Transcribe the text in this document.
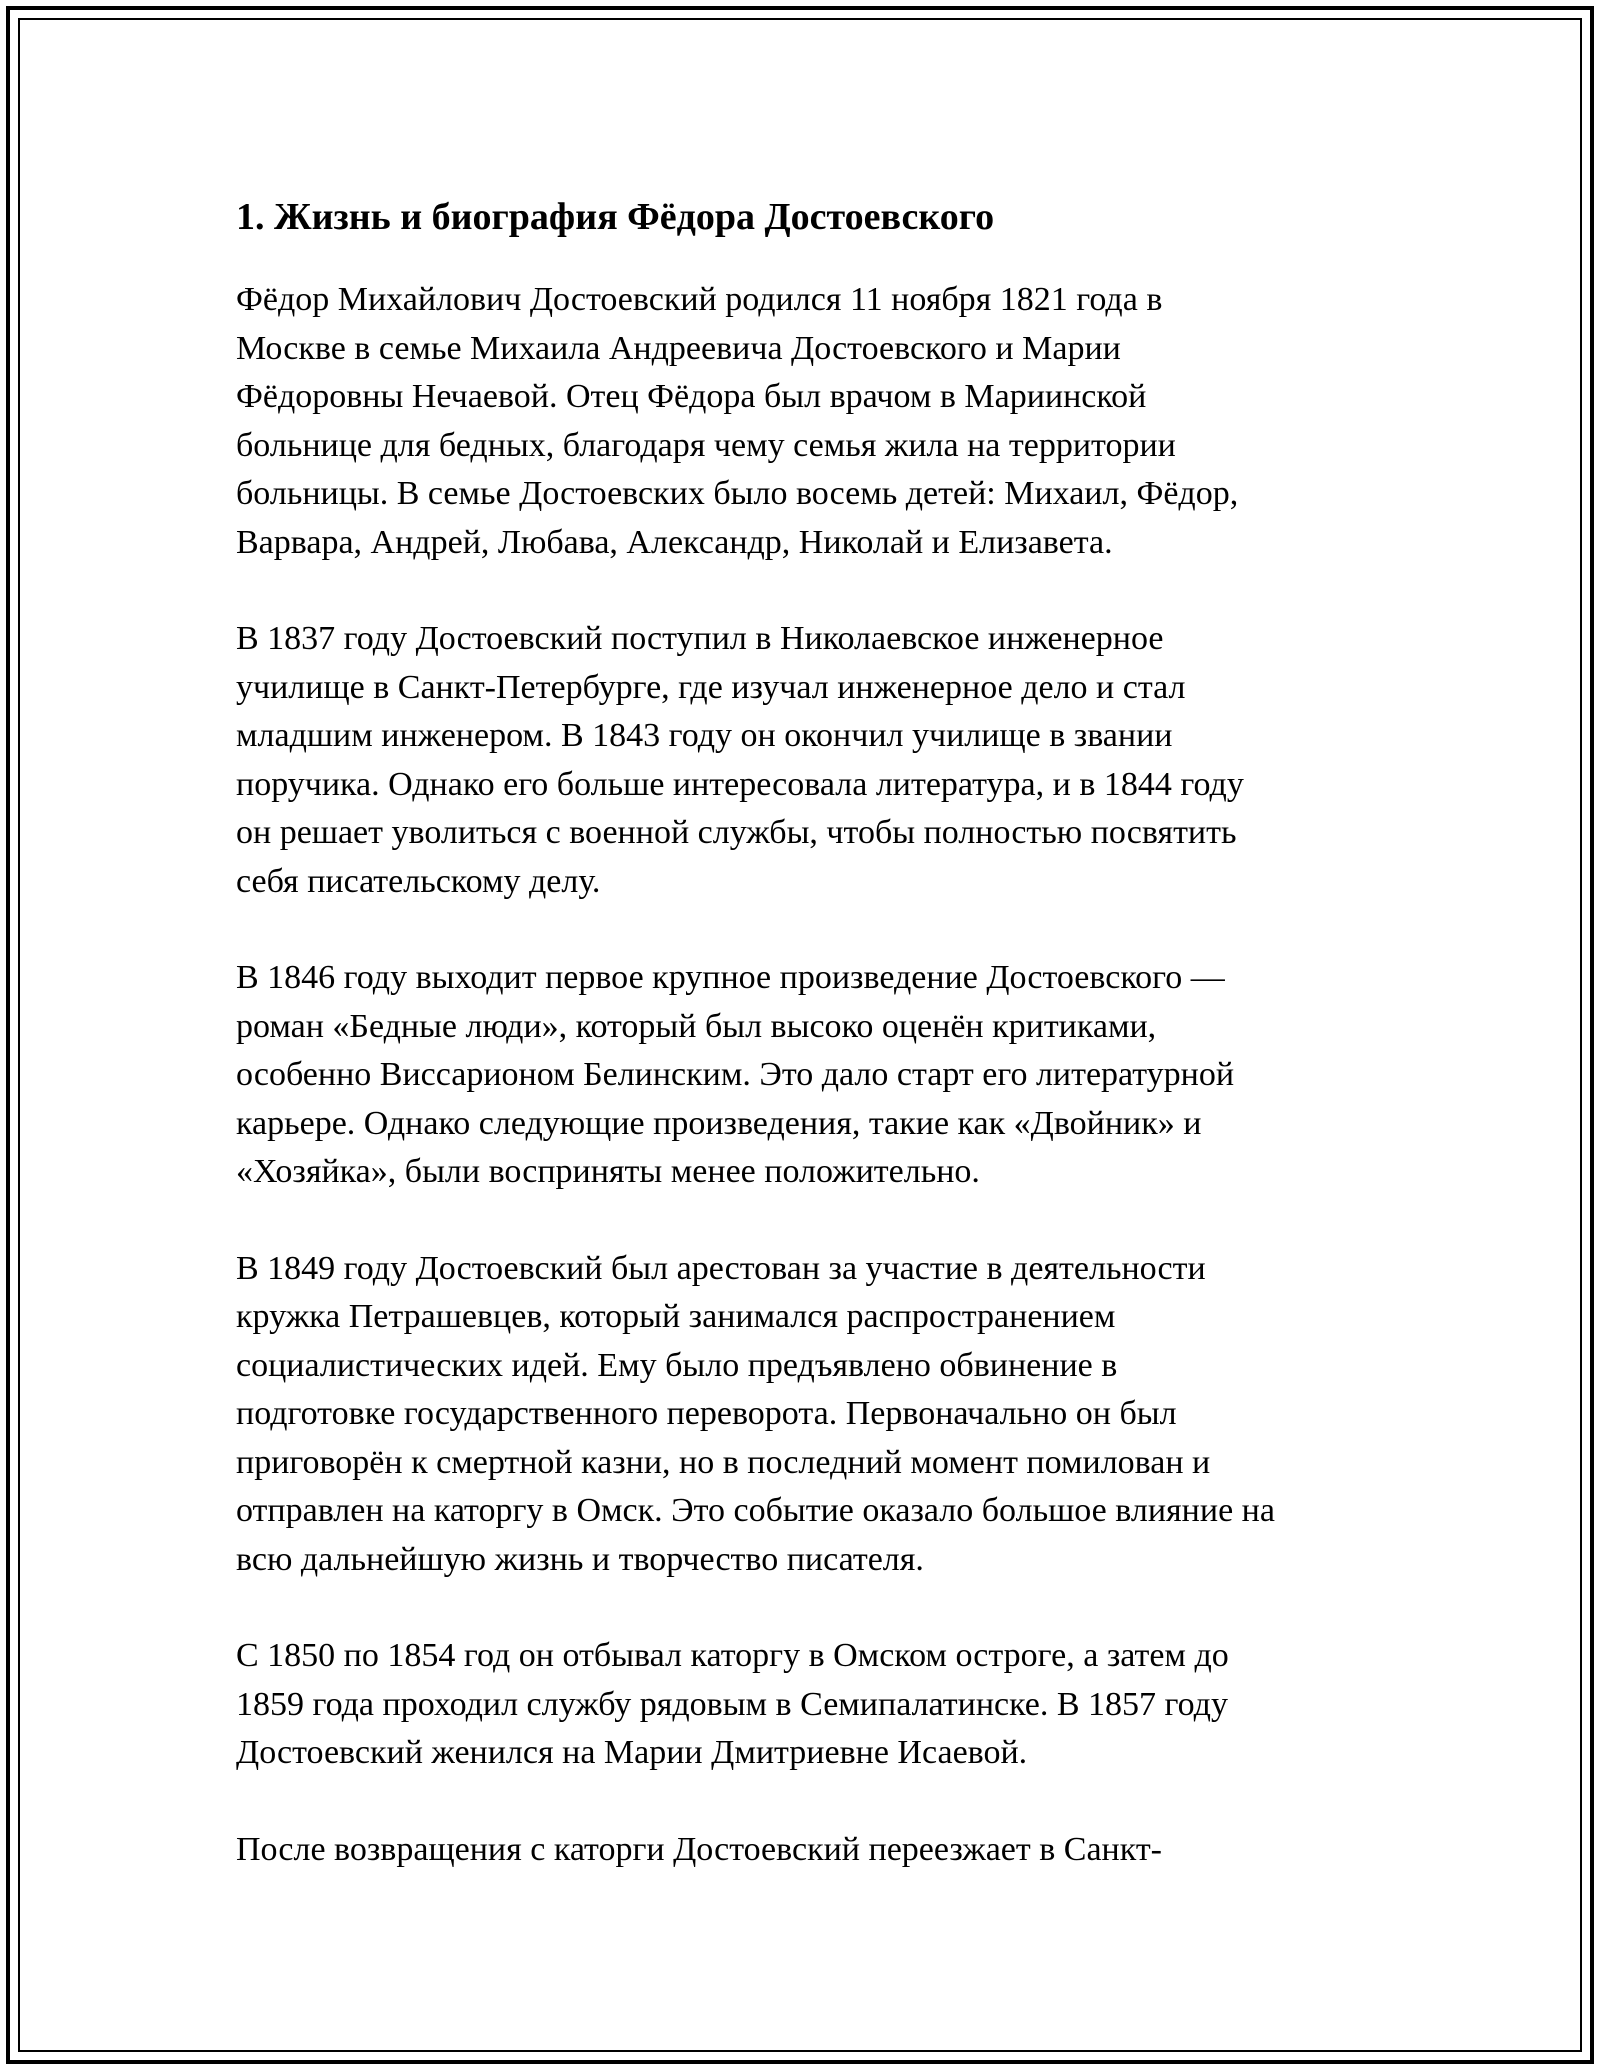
1. Жизнь и биография Фёдора Достоевского

Фёдор Михайлович Достоевский родился 11 ноября 1821 года в
Москве в семье Михаила Андреевича Достоевского и Марии
Фёдоровны Нечаевой. Отец Фёдора был врачом в Мариинской
больнице для бедных, благодаря чему семья жила на территории
больницы. В семье Достоевских было восемь детей: Михаил, Фёдор,
Варвара, Андрей, Любава, Александр, Николай и Елизавета.

В 1837 году Достоевский поступил в Николаевское инженерное
училище в Санкт-Петербурге, где изучал инженерное дело и стал
младшим инженером. В 1843 году он окончил училище в звании
поручика. Однако его больше интересовала литература, и в 1844 году
он решает уволиться с военной службы, чтобы полностью посвятить
себя писательскому делу.

В 1846 году выходит первое крупное произведение Достоевского —
роман «Бедные люди», который был высоко оценён критиками,
особенно Виссарионом Белинским. Это дало старт его литературной
карьере. Однако следующие произведения, такие как «Двойник» и
«Хозяйка», были восприняты менее положительно.

В 1849 году Достоевский был арестован за участие в деятельности
кружка Петрашевцев, который занимался распространением
социалистических идей. Ему было предъявлено обвинение в
подготовке государственного переворота. Первоначально он был
приговорён к смертной казни, но в последний момент помилован и
отправлен на каторгу в Омск. Это событие оказало большое влияние на
всю дальнейшую жизнь и творчество писателя.

С 1850 по 1854 год он отбывал каторгу в Омском остроге, а затем до
1859 года проходил службу рядовым в Семипалатинске. В 1857 году
Достоевский женился на Марии Дмитриевне Исаевой.

После возвращения с каторги Достоевский переезжает в Санкт-
